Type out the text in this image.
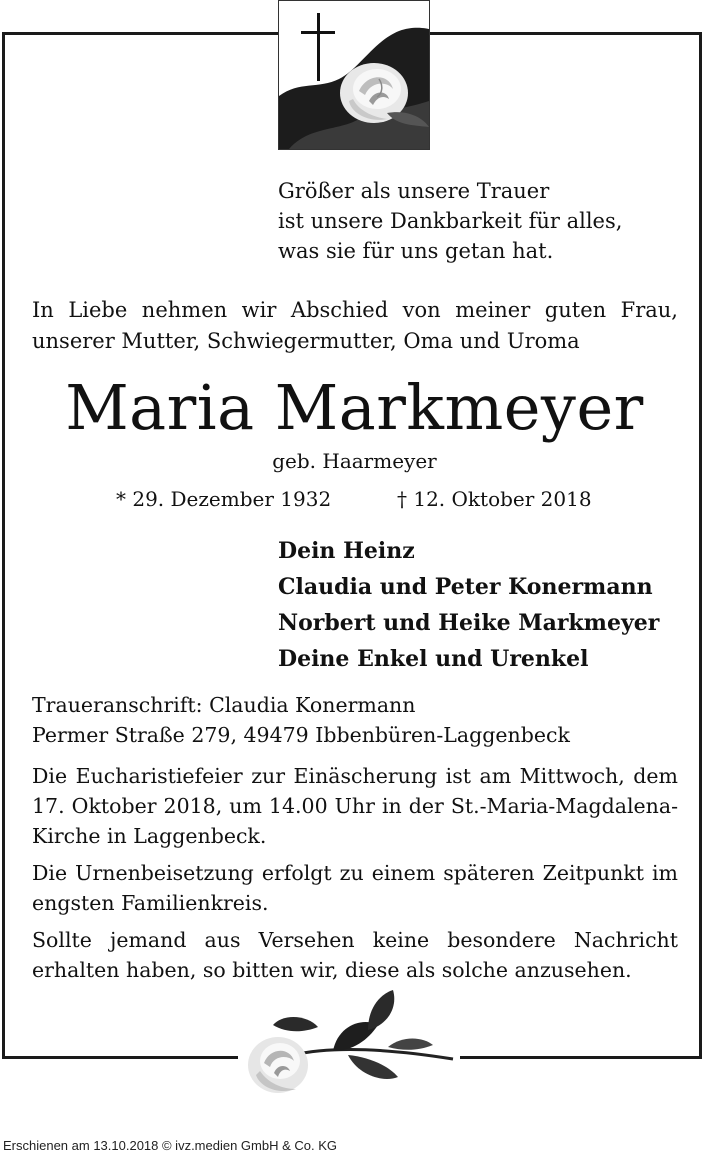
Größer als unsere Trauer
ist unsere Dankbarkeit für alles,
was sie für uns getan hat.
In Liebe nehmen wir Abschied von meiner guten Frau, unserer Mutter, Schwiegermutter, Oma und Uroma
Maria Markmeyer
geb. Haarmeyer
* 29. Dezember 1932	† 12. Oktober 2018
Dein Heinz
Claudia und Peter Konermann
Norbert und Heike Markmeyer
Deine Enkel und Urenkel
Traueranschrift: Claudia Konermann
Permer Straße 279, 49479 Ibbenbüren-Laggenbeck
Die Eucharistiefeier zur Einäscherung ist am Mittwoch, dem 17. Oktober 2018, um 14.00 Uhr in der St.-Maria-Magdalena-Kirche in Laggenbeck.
Die Urnenbeisetzung erfolgt zu einem späteren Zeitpunkt im engsten Familienkreis.
Sollte jemand aus Versehen keine besondere Nachricht erhalten haben, so bitten wir, diese als solche anzusehen.
Erschienen am 13.10.2018 © ivz.medien GmbH & Co. KG
